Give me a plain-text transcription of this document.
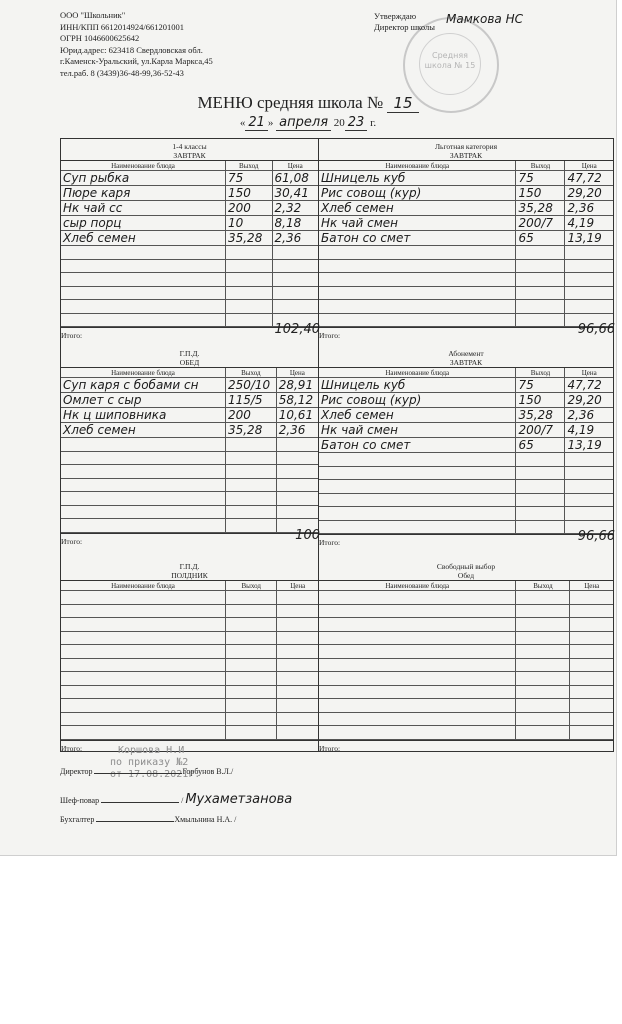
ООО "Школьник"
ИНН/КПП 6612014924/661201001
ОГРН 1046600625642
Юрид.адрес: 623418 Свердловская обл.
г.Каменск-Уральский, ул.Карла Маркса,45
тел.раб. 8 (3439)36-48-99,36-52-43
Средняя школа № 15
Утверждаю
Директор школы
Мамкова НС
МЕНЮ средняя школа № 15
« 21 » апреля 20 23 г.
1-4 классы
ЗАВТРАК
Наименование блюда	Выход	Цена
Суп рыбка	75	61,08
Пюре каря	150	30,41
Нк чай сс	200	2,32
сыр порц	10	8,18
Хлеб семен	35,28	2,36

Итого:	102,40
Г.П.Д.
ОБЕД
Наименование блюда	Выход	Цена
Суп каря с бобами сн	250/10	28,91
Омлет с сыр	115/5	58,12
Нк ц шиповника	200	10,61
Хлеб семен	35,28	2,36

Итого:	100
Г.П.Д.
ПОЛДНИК
Наименование блюда	Выход	Цена

Итого:
Льготная категория
ЗАВТРАК
Наименование блюда	Выход	Цена
Шницель куб	75	47,72
Рис совощ (кур)	150	29,20
Хлеб семен	35,28	2,36
Нк чай смен	200/7	4,19
Батон со смет	65	13,19

Итого:	96,66
Абонемент
ЗАВТРАК
Наименование блюда	Выход	Цена
Шницель куб	75	47,72
Рис совощ (кур)	150	29,20
Хлеб семен	35,28	2,36
Нк чай смен	200/7	4,19
Батон со смет	65	13,19

Итого:	96,66
Свободный выбор
Обед
Наименование блюда	Выход	Цена

Итого:
Коршова Н.И
по приказу №2
от 17.08.2021г.
Директор	Горбунов В.Л./
Шеф-повар	/ Мухаметзанова
Бухгалтер	Хмыльнина Н.А. /
